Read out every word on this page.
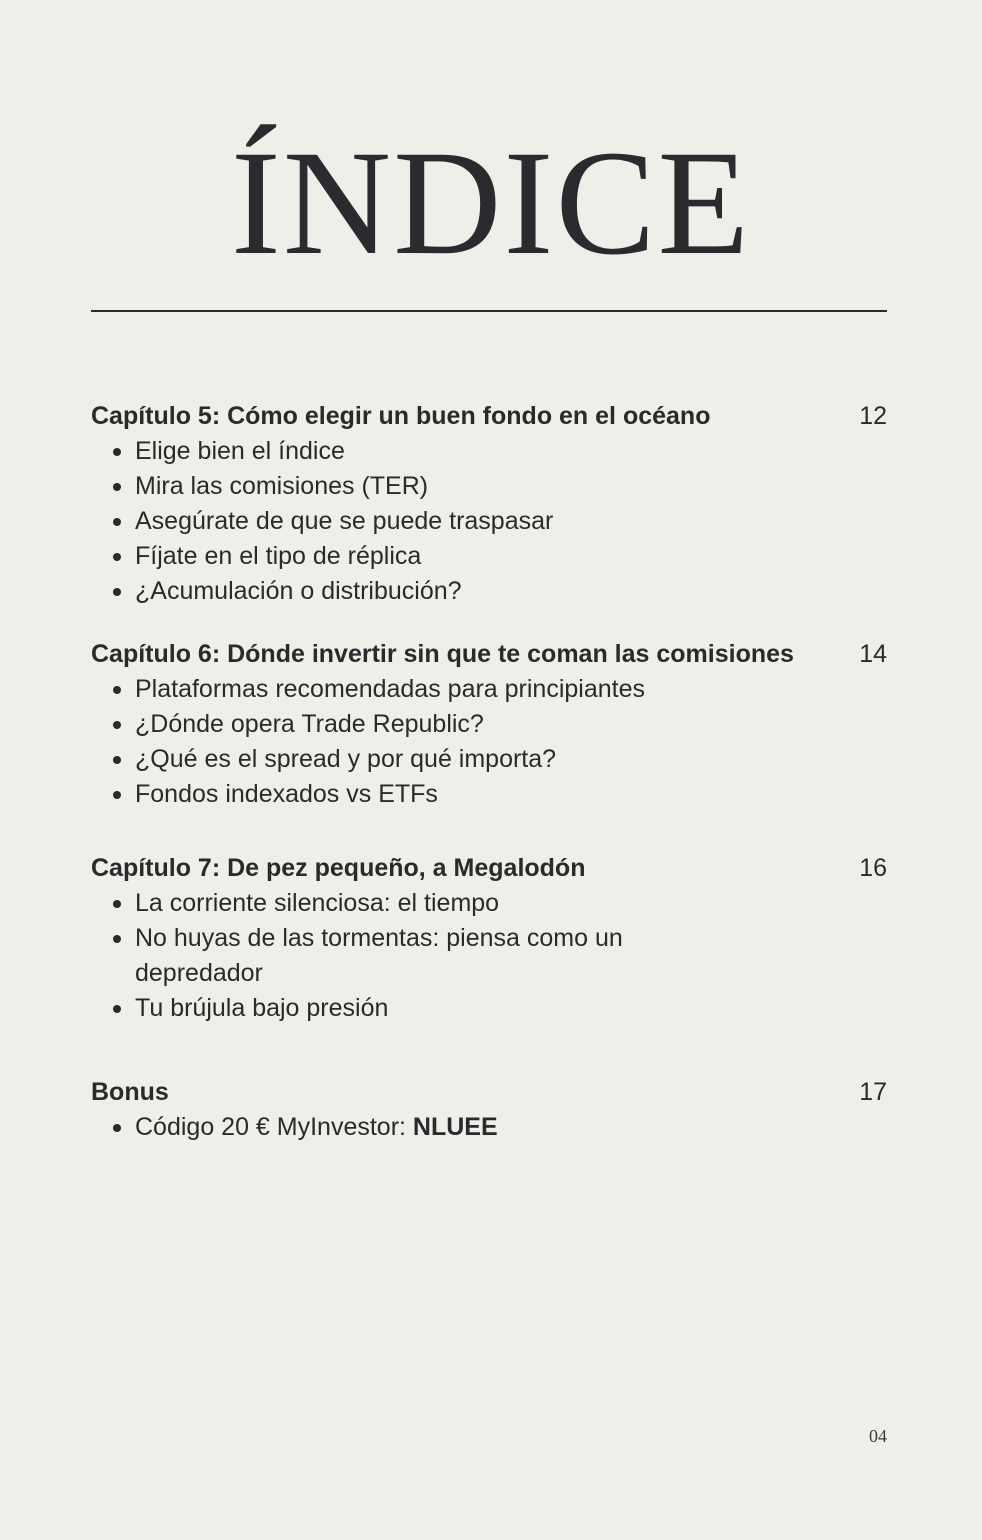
ÍNDICE
Capítulo 5: Cómo elegir un buen fondo en el océano	12
Elige bien el índice
Mira las comisiones (TER)
Asegúrate de que se puede traspasar
Fíjate en el tipo de réplica
¿Acumulación o distribución?
Capítulo 6: Dónde invertir sin que te coman las comisiones	14
Plataformas recomendadas para principiantes
¿Dónde opera Trade Republic?
¿Qué es el spread y por qué importa?
Fondos indexados vs ETFs
Capítulo 7: De pez pequeño, a Megalodón	16
La corriente silenciosa: el tiempo
No huyas de las tormentas: piensa como un depredador
Tu brújula bajo presión
Bonus	17
Código 20 € MyInvestor: NLUEE
04
